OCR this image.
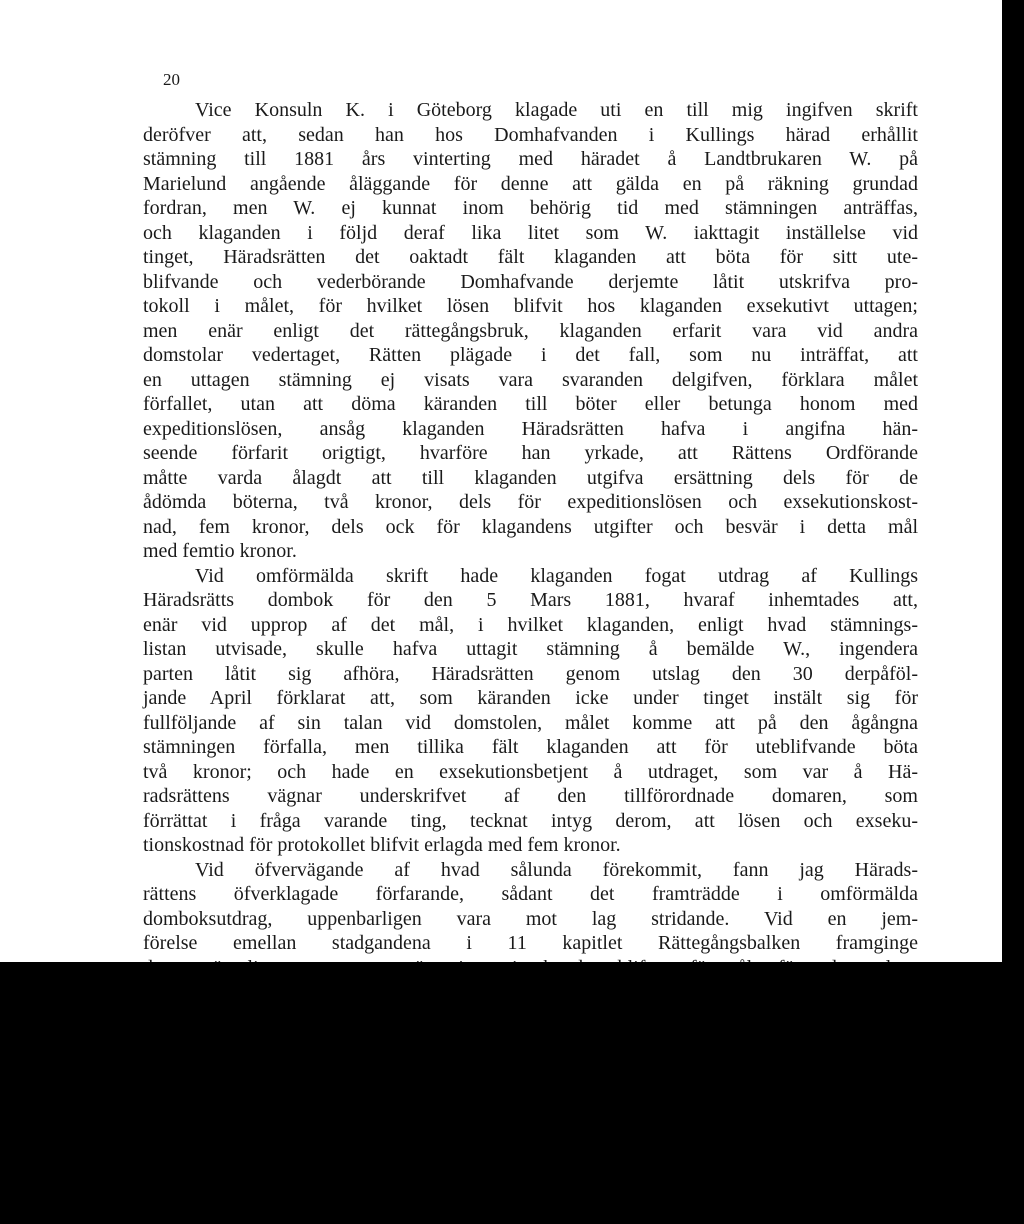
20

Vice Konsuln K. i Göteborg klagade uti en till mig ingifven skrift
deröfver att, sedan han hos Domhafvanden i Kullings härad erhållit
stämning till 1881 års vinterting med häradet å Landtbrukaren W. på
Marielund angående åläggande för denne att gälda en på räkning grundad
fordran, men W. ej kunnat inom behörig tid med stämningen anträffas,
och klaganden i följd deraf lika litet som W. iakttagit inställelse vid
tinget, Häradsrätten det oaktadt fält klaganden att böta för sitt ute-
blifvande och vederbörande Domhafvande derjemte låtit utskrifva pro-
tokoll i målet, för hvilket lösen blifvit hos klaganden exsekutivt uttagen;
men enär enligt det rättegångsbruk, klaganden erfarit vara vid andra
domstolar vedertaget, Rätten plägade i det fall, som nu inträffat, att
en uttagen stämning ej visats vara svaranden delgifven, förklara målet
förfallet, utan att döma käranden till böter eller betunga honom med
expeditionslösen, ansåg klaganden Häradsrätten hafva i angifna hän-
seende förfarit origtigt, hvarföre han yrkade, att Rättens Ordförande
måtte varda ålagdt att till klaganden utgifva ersättning dels för de
ådömda böterna, två kronor, dels för expeditionslösen och exsekutionskost-
nad, fem kronor, dels ock för klagandens utgifter och besvär i detta mål
med femtio kronor.
Vid omförmälda skrift hade klaganden fogat utdrag af Kullings
Häradsrätts dombok för den 5 Mars 1881, hvaraf inhemtades att,
enär vid upprop af det mål, i hvilket klaganden, enligt hvad stämnings-
listan utvisade, skulle hafva uttagit stämning å bemälde W., ingendera
parten låtit sig afhöra, Häradsrätten genom utslag den 30 derpåföl-
jande April förklarat att, som käranden icke under tinget instält sig för
fullföljande af sin talan vid domstolen, målet komme att på den ågångna
stämningen förfalla, men tillika fält klaganden att för uteblifvande böta
två kronor; och hade en exsekutionsbetjent å utdraget, som var å Hä-
radsrättens vägnar underskrifvet af den tillförordnade domaren, som
förrättat i fråga varande ting, tecknat intyg derom, att lösen och exseku-
tionskostnad för protokollet blifvit erlagda med fem kronor.
Vid öfvervägande af hvad sålunda förekommit, fann jag Härads-
rättens öfverklagade förfarande, sådant det framträdde i omförmälda
domboksutdrag, uppenbarligen vara mot lag stridande. Vid en jem-
förelse emellan stadgandena i 11 kapitlet Rättegångsbalken framginge
